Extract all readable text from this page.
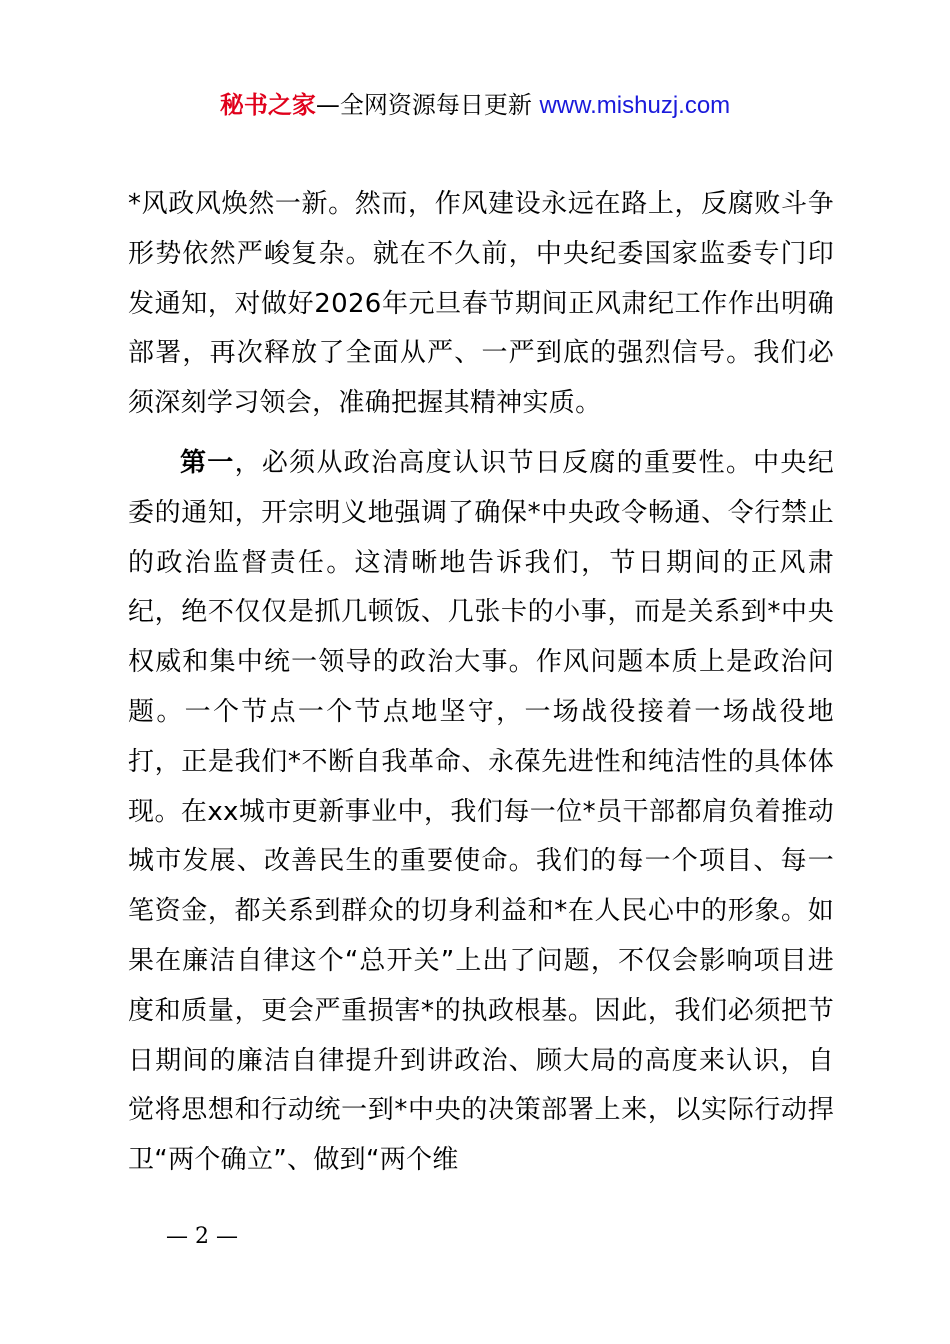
秘书之家—全网资源每日更新 www.mishuzj.com

*风政风焕然一新。然而，作风建设永远在路上，反腐败斗争形势依然严峻复杂。就在不久前，中央纪委国家监委专门印发通知，对做好2026年元旦春节期间正风肃纪工作作出明确部署，再次释放了全面从严、一严到底的强烈信号。我们必须深刻学习领会，准确把握其精神实质。

第一，必须从政治高度认识节日反腐的重要性。中央纪委的通知，开宗明义地强调了确保*中央政令畅通、令行禁止的政治监督责任。这清晰地告诉我们，节日期间的正风肃纪，绝不仅仅是抓几顿饭、几张卡的小事，而是关系到*中央权威和集中统一领导的政治大事。作风问题本质上是政治问题。一个节点一个节点地坚守，一场战役接着一场战役地打，正是我们*不断自我革命、永葆先进性和纯洁性的具体体现。在xx城市更新事业中，我们每一位*员干部都肩负着推动城市发展、改善民生的重要使命。我们的每一个项目、每一笔资金，都关系到群众的切身利益和*在人民心中的形象。如果在廉洁自律这个“总开关”上出了问题，不仅会影响项目进度和质量，更会严重损害*的执政根基。因此，我们必须把节日期间的廉洁自律提升到讲政治、顾大局的高度来认识，自觉将思想和行动统一到*中央的决策部署上来，以实际行动捍卫“两个确立”、做到“两个维

— 2 —
